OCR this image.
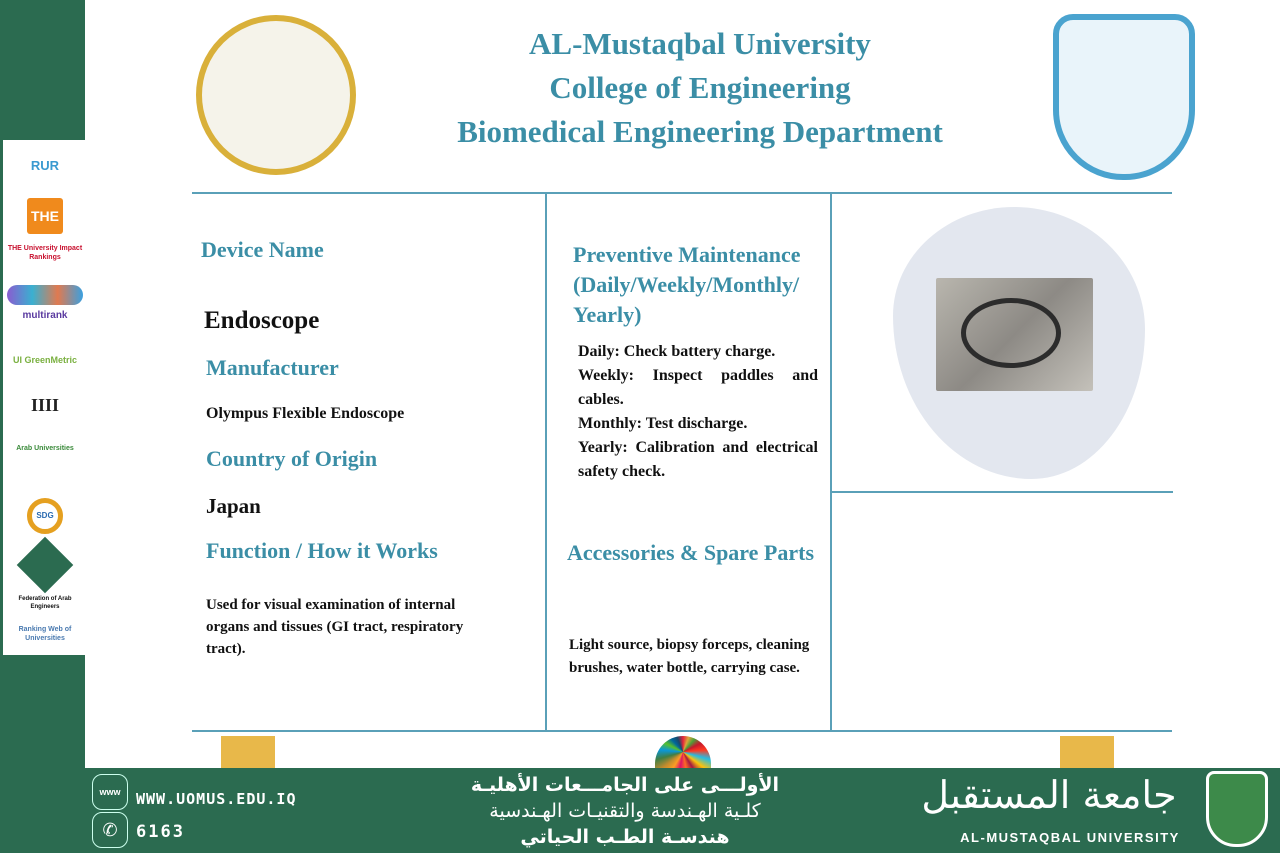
RUR
THE
THE University Impact Rankings
multirank
UI GreenMetric
IIII
Arab Universities
SDG
Federation of Arab Engineers
Ranking Web of Universities
AL-Mustaqbal University
College of Engineering
Biomedical Engineering Department
Device Name
Endoscope
Manufacturer
Olympus Flexible Endoscope
Country of Origin
Japan
Function / How it Works
Used for visual examination of internal organs and tissues (GI tract, respiratory tract).
Preventive Maintenance (Daily/Weekly/Monthly/ Yearly)
Daily: Check battery charge.
Weekly: Inspect paddles and cables.
Monthly: Test discharge.
Yearly: Calibration and electrical safety check.
Accessories & Spare Parts
Light source, biopsy forceps, cleaning brushes, water bottle, carrying case.
www	WWW.UOMUS.EDU.IQ
✆	6163
الأولـــى على الجامـــعات الأهليـة
كلـية الهـندسة والتقنيـات الهـندسية
هندسـة الطـب الحياتي
جامعة المستقبل
AL-MUSTAQBAL UNIVERSITY
